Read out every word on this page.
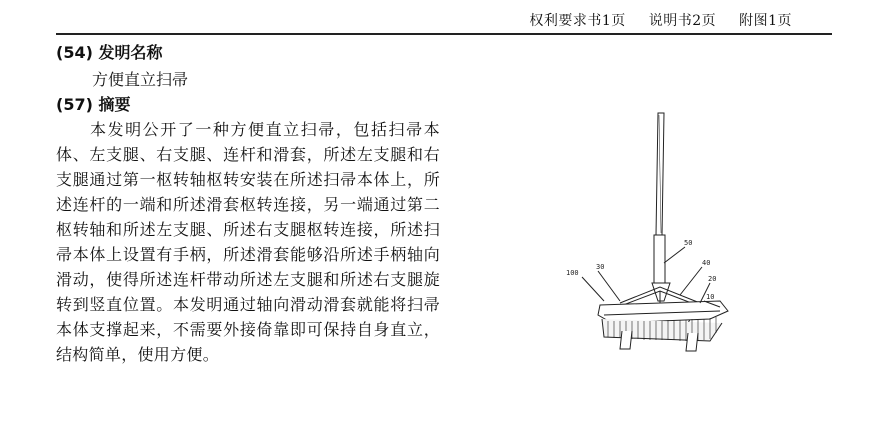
权利要求书1页 说明书2页 附图1页
(54) 发明名称
方便直立扫帚
(57) 摘要
本发明公开了一种方便直立扫帚，包括扫帚本体、左支腿、右支腿、连杆和滑套，所述左支腿和右支腿通过第一枢转轴枢转安装在所述扫帚本体上，所述连杆的一端和所述滑套枢转连接，另一端通过第二枢转轴和所述左支腿、所述右支腿枢转连接，所述扫帚本体上设置有手柄，所述滑套能够沿所述手柄轴向滑动，使得所述连杆带动所述左支腿和所述右支腿旋转到竖直位置。本发明通过轴向滑动滑套就能将扫帚本体支撑起来，不需要外接倚靠即可保持自身直立，结构简单，使用方便。
100
30
50
40
20
10
